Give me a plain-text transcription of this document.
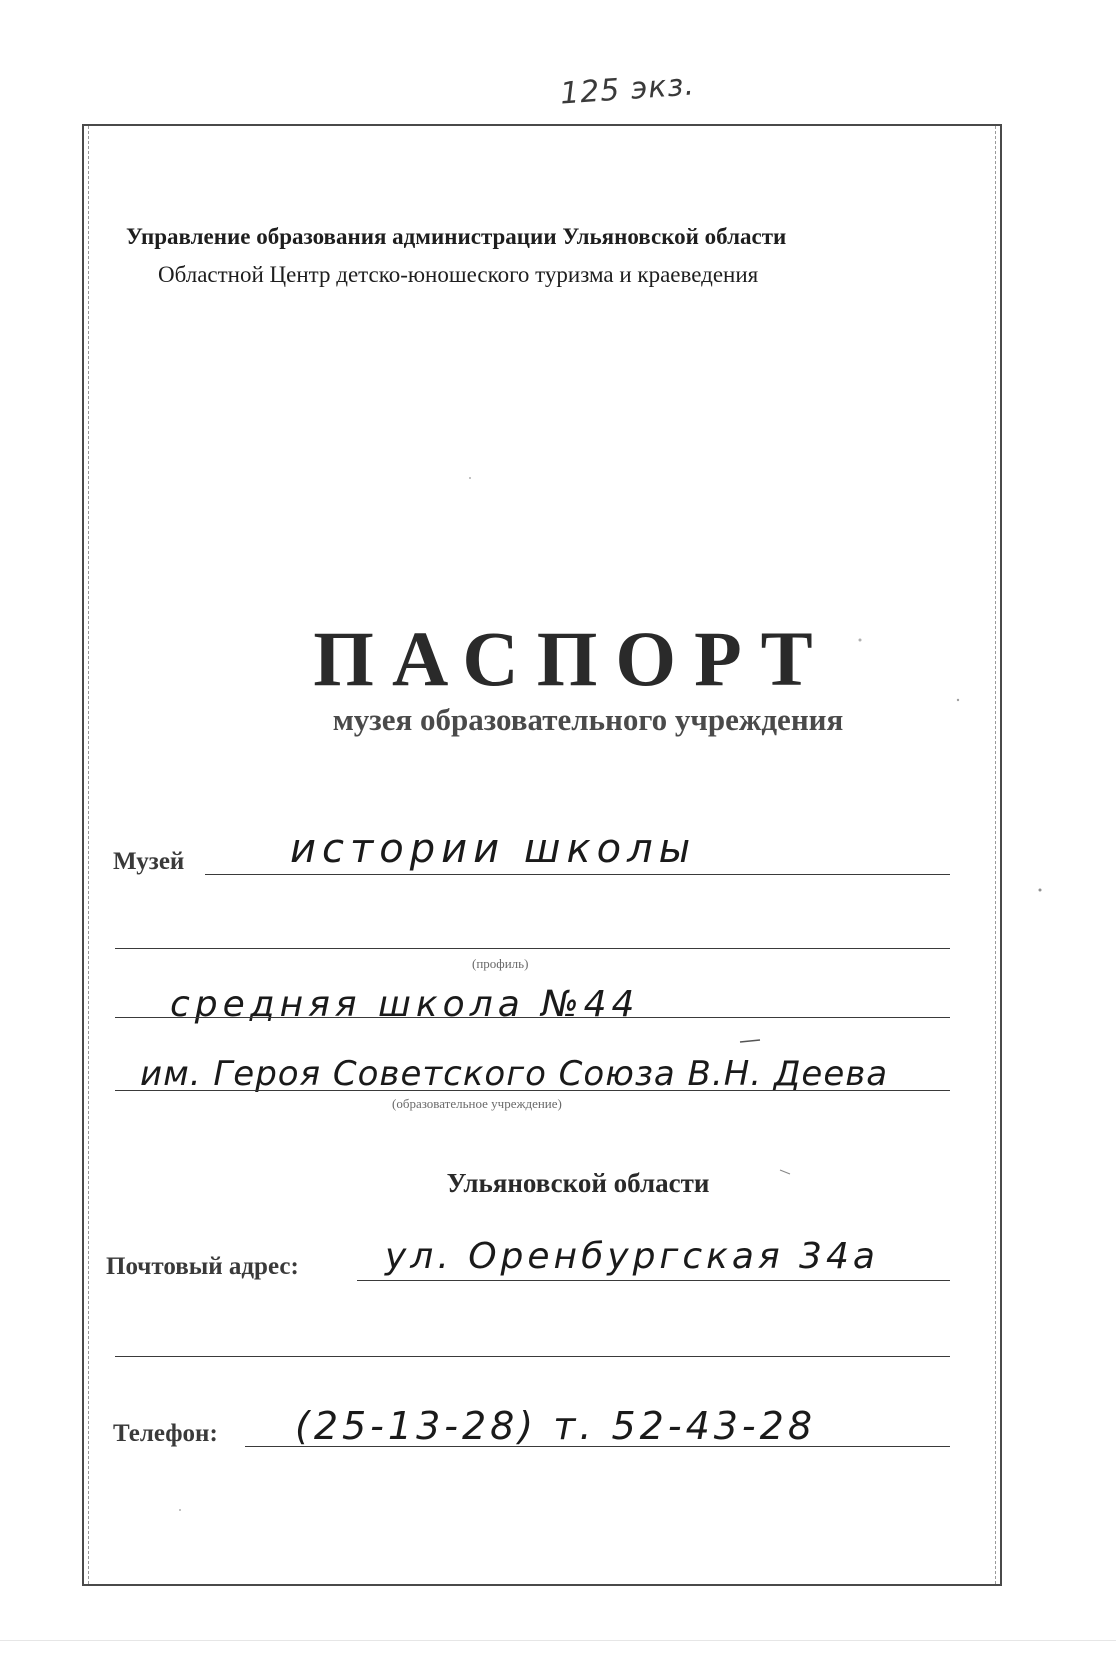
125 экз.
Управление образования администрации Ульяновской области
Областной Центр детско-юношеского туризма и краеведения
ПАСПОРТ
музея образовательного учреждения
Музей	истории школы
(профиль)
средняя школа №44
им. Героя Советского Союза В.Н. Деева
(образовательное учреждение)
Ульяновской области
Почтовый адрес: ул. Оренбургская 34а
Телефон: (25-13-28) т. 52-43-28
